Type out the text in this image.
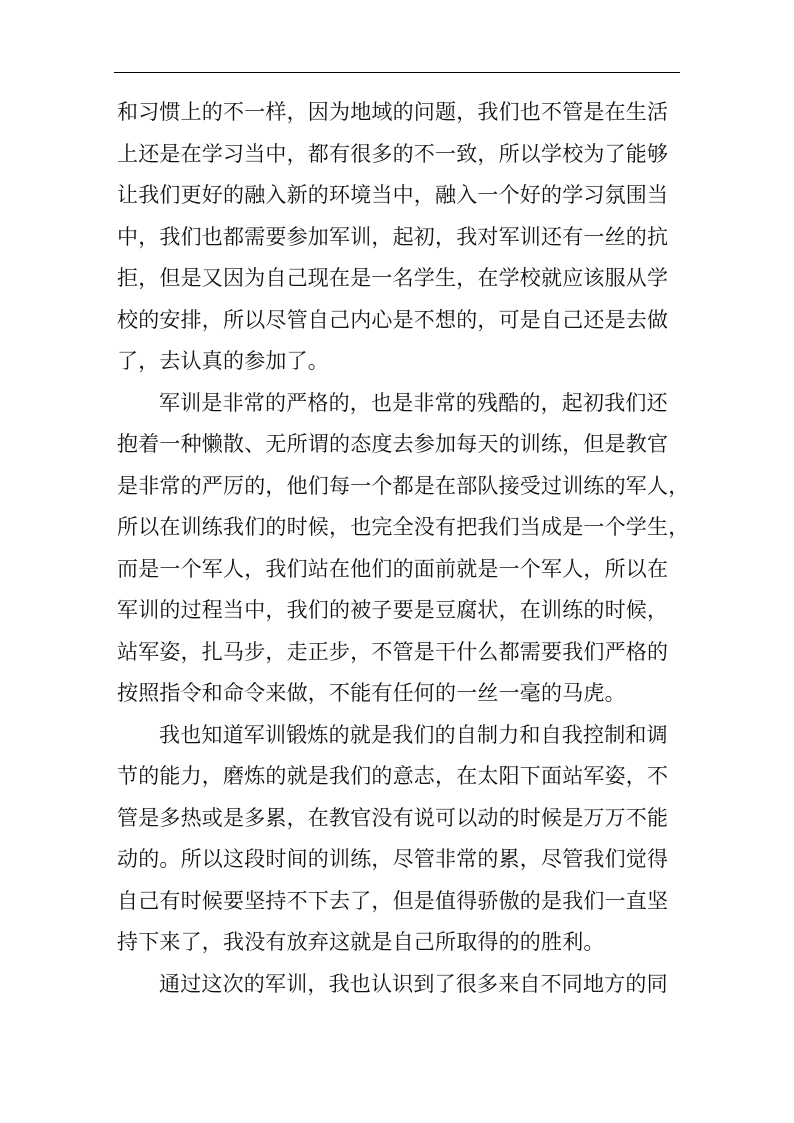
和习惯上的不一样，因为地域的问题，我们也不管是在生活
上还是在学习当中，都有很多的不一致，所以学校为了能够
让我们更好的融入新的环境当中，融入一个好的学习氛围当
中，我们也都需要参加军训，起初，我对军训还有一丝的抗
拒，但是又因为自己现在是一名学生，在学校就应该服从学
校的安排，所以尽管自己内心是不想的，可是自己还是去做
了，去认真的参加了。

军训是非常的严格的，也是非常的残酷的，起初我们还
抱着一种懒散、无所谓的态度去参加每天的训练，但是教官
是非常的严厉的，他们每一个都是在部队接受过训练的军人，
所以在训练我们的时候，也完全没有把我们当成是一个学生，
而是一个军人，我们站在他们的面前就是一个军人，所以在
军训的过程当中，我们的被子要是豆腐状，在训练的时候，
站军姿，扎马步，走正步，不管是干什么都需要我们严格的
按照指令和命令来做，不能有任何的一丝一毫的马虎。

我也知道军训锻炼的就是我们的自制力和自我控制和调
节的能力，磨炼的就是我们的意志，在太阳下面站军姿，不
管是多热或是多累，在教官没有说可以动的时候是万万不能
动的。所以这段时间的训练，尽管非常的累，尽管我们觉得
自己有时候要坚持不下去了，但是值得骄傲的是我们一直坚
持下来了，我没有放弃这就是自己所取得的的胜利。

通过这次的军训，我也认识到了很多来自不同地方的同
